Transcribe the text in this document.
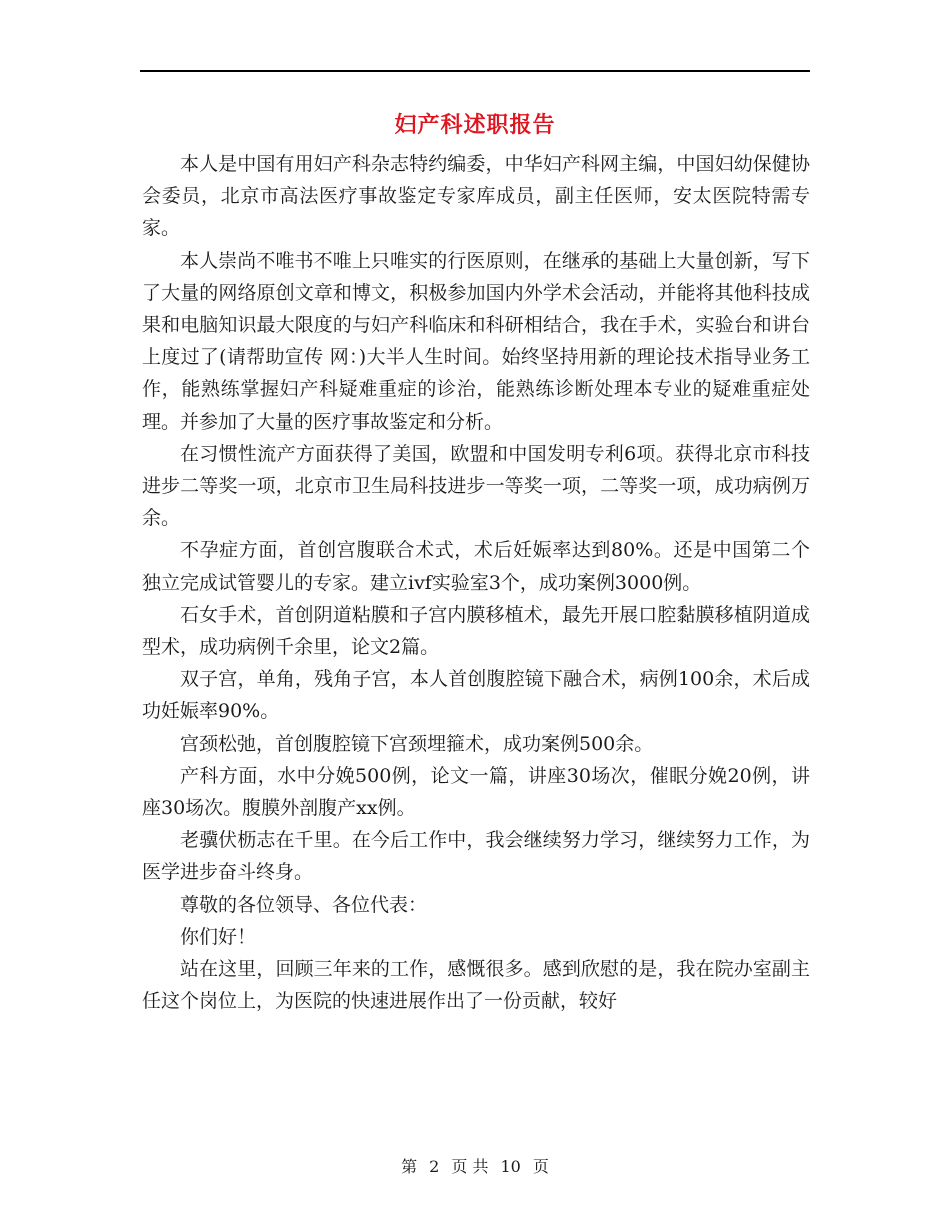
妇产科述职报告

本人是中国有用妇产科杂志特约编委，中华妇产科网主编，中国妇幼保健协会委员，北京市高法医疗事故鉴定专家库成员，副主任医师，安太医院特需专家。

本人崇尚不唯书不唯上只唯实的行医原则，在继承的基础上大量创新，写下了大量的网络原创文章和博文，积极参加国内外学术会活动，并能将其他科技成果和电脑知识最大限度的与妇产科临床和科研相结合，我在手术，实验台和讲台上度过了(请帮助宣传 网：)大半人生时间。始终坚持用新的理论技术指导业务工作，能熟练掌握妇产科疑难重症的诊治，能熟练诊断处理本专业的疑难重症处理。并参加了大量的医疗事故鉴定和分析。

在习惯性流产方面获得了美国，欧盟和中国发明专利6项。获得北京市科技进步二等奖一项，北京市卫生局科技进步一等奖一项，二等奖一项，成功病例万余。

不孕症方面，首创宫腹联合术式，术后妊娠率达到80%。还是中国第二个独立完成试管婴儿的专家。建立ivf实验室3个，成功案例3000例。

石女手术，首创阴道粘膜和子宫内膜移植术，最先开展口腔黏膜移植阴道成型术，成功病例千余里，论文2篇。

双子宫，单角，残角子宫，本人首创腹腔镜下融合术，病例100余，术后成功妊娠率90%。

宫颈松弛，首创腹腔镜下宫颈埋箍术，成功案例500余。

产科方面，水中分娩500例，论文一篇，讲座30场次，催眠分娩20例，讲座30场次。腹膜外剖腹产xx例。

老骥伏枥志在千里。在今后工作中，我会继续努力学习，继续努力工作，为医学进步奋斗终身。

尊敬的各位领导、各位代表：

你们好！

站在这里，回顾三年来的工作，感慨很多。感到欣慰的是，我在院办室副主任这个岗位上，为医院的快速进展作出了一份贡献，较好

第 2 页 共 10 页
